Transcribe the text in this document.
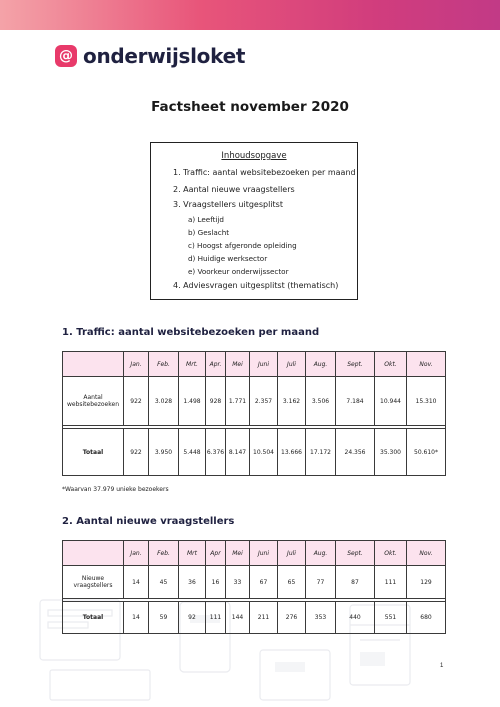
@ onderwijsloket
Factsheet november 2020
Inhoudsopgave
1. Traffic: aantal websitebezoeken per maand
2. Aantal nieuwe vraagstellers
3. Vraagstellers uitgesplitst
a) Leeftijd
b) Geslacht
c) Hoogst afgeronde opleiding
d) Huidige werksector
e) Voorkeur onderwijssector
4. Adviesvragen uitgesplitst (thematisch)
1. Traffic: aantal websitebezoeken per maand
	Jan.	Feb.	Mrt.	Apr.	Mei	Juni	Juli	Aug.	Sept.	Okt.	Nov.
Aantal websitebezoeken	922	3.028	1.498	928	1.771	2.357	3.162	3.506	7.184	10.944	15.310

Totaal	922	3.950	5.448	6.376	8.147	10.504	13.666	17.172	24.356	35.300	50.610*
*Waarvan 37.979 unieke bezoekers
2. Aantal nieuwe vraagstellers
	Jan.	Feb.	Mrt	Apr	Mei	Juni	Juli	Aug.	Sept.	Okt.	Nov.
Nieuwe vraagstellers	14	45	36	16	33	67	65	77	87	111	129

Totaal	14	59	92	111	144	211	276	353	440	551	680
1
